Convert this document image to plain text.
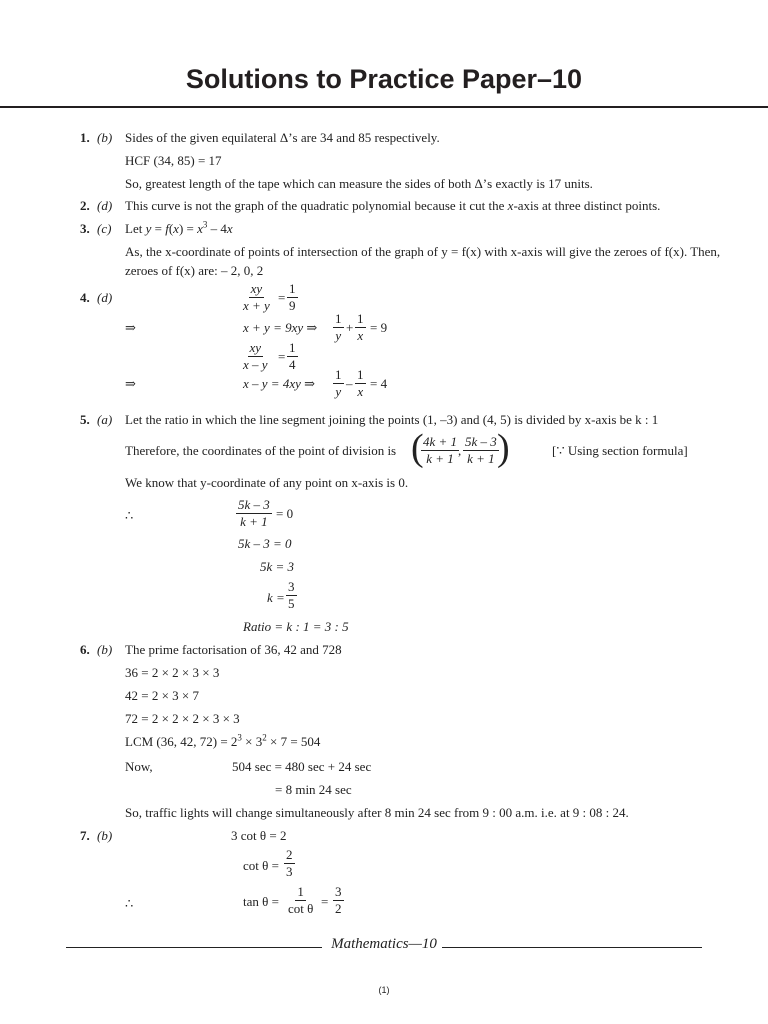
Solutions to Practice Paper–10
1. (b) Sides of the given equilateral Δ’s are 34 and 85 respectively.
HCF (34, 85) = 17
So, greatest length of the tape which can measure the sides of both Δ’s exactly is 17 units.
2. (d) This curve is not the graph of the quadratic polynomial because it cut the x-axis at three distinct points.
3. (c) Let $y = f(x) = x^3 - 4x$
As, the x-coordinate of points of intersection of the graph of y = f(x) with x-axis will give the zeroes of f(x). Then,
zeroes of f(x) are: – 2, 0, 2
4. (d)	$\frac{xy}{x + y} = \frac{1}{9}$
⇒	x + y = 9xy ⇒ $\frac{1}{y} + \frac{1}{x} = 9$
$\frac{xy}{x - y} = \frac{1}{4}$
⇒	x – y = 4xy ⇒ $\frac{1}{y} - \frac{1}{x} = 4$
5. (a) Let the ratio in which the line segment joining the points (1, –3) and (4, 5) is divided by x-axis be k : 1
Therefore, the coordinates of the point of division is (
$\frac{4k + 1}{k + 1}$
, $\frac{5k - 3}{k + 1}$
)	[∵ Using section formula]
We know that y-coordinate of any point on x-axis is 0.
∴	$\frac{5k - 3}{k + 1} = 0$
5k – 3 = 0
5k = 3
$k = \frac{3}{5}$
Ratio = k : 1 = 3 : 5
6. (b) The prime factorisation of 36, 42 and 728
36 = 2 × 2 × 3 × 3
42 = 2 × 3 × 7
72 = 2 × 2 × 2 × 3 × 3
LCM (36, 42, $72) = 2^3 \times 3^2 \times 7 = 504$
Now,	504 sec = 480 sec + 24 sec
= 8 min 24 sec
So, traffic lights will change simultaneously after 8 min 24 sec from 9 : 00 a.m. i.e. at 9 : 08 : 24.
7. (b)	3 cot θ = 2
$\cot \theta = \frac{2}{3}$
∴	$\tan \theta = \frac{1}{\text{cot θ}} = \frac{3}{2}$
Mathematics—10
(1)
